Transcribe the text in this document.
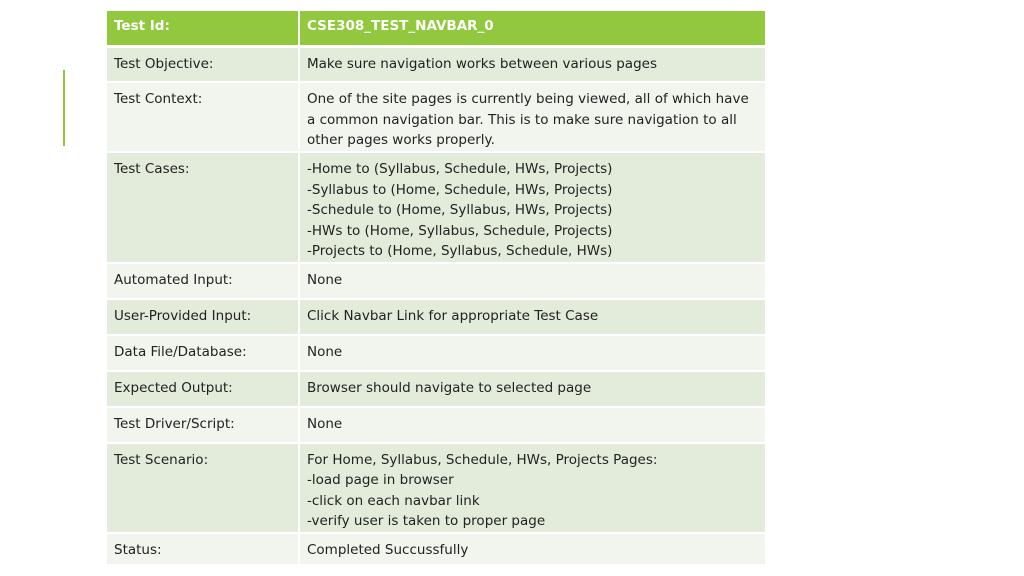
Test Id:	CSE308_TEST_NAVBAR_0
Test Objective:	Make sure navigation works between various pages

Test Context:	One of the site pages is currently being viewed, all of which have
a common navigation bar. This is to make sure navigation to all
other pages works properly.

Test Cases:	-Home to (Syllabus, Schedule, HWs, Projects)
-Syllabus to (Home, Schedule, HWs, Projects)
-Schedule to (Home, Syllabus, HWs, Projects)
-HWs to (Home, Syllabus, Schedule, Projects)
-Projects to (Home, Syllabus, Schedule, HWs)

Automated Input:	None

User-Provided Input:	Click Navbar Link for appropriate Test Case

Data File/Database:	None

Expected Output:	Browser should navigate to selected page

Test Driver/Script:	None

Test Scenario:	For Home, Syllabus, Schedule, HWs, Projects Pages:
-load page in browser
-click on each navbar link
-verify user is taken to proper page

Status:	Completed Succussfully
